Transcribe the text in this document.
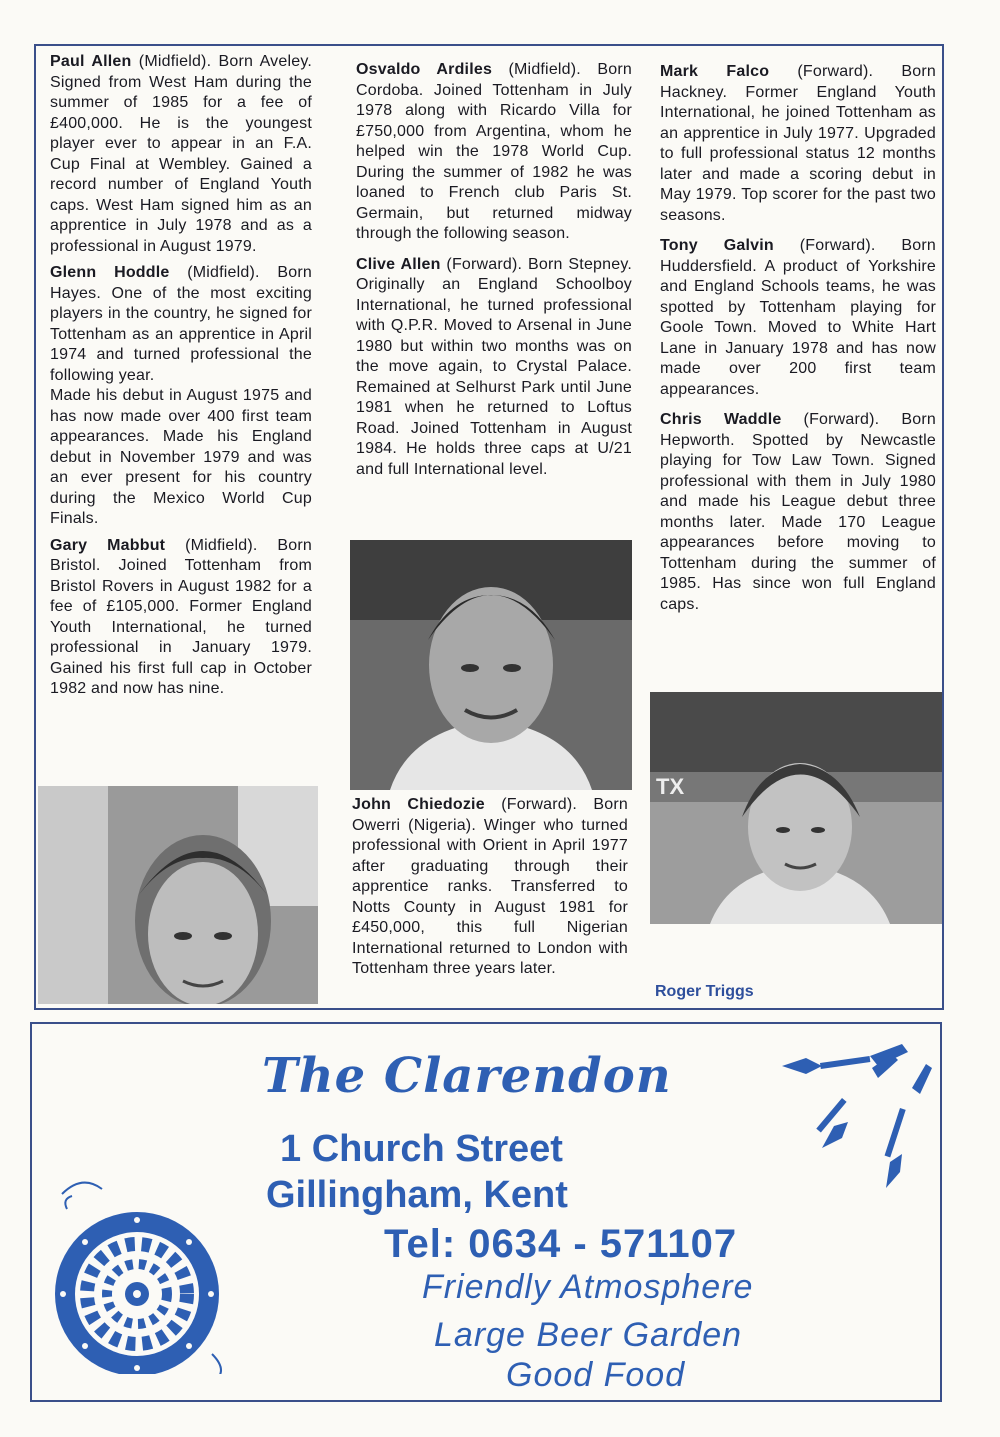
Paul Allen (Midfield). Born Aveley. Signed from West Ham during the summer of 1985 for a fee of £400,000. He is the youngest player ever to appear in an F.A. Cup Final at Wembley. Gained a record number of England Youth caps. West Ham signed him as an apprentice in July 1978 and as a professional in August 1979.

Glenn Hoddle (Midfield). Born Hayes. One of the most exciting players in the country, he signed for Tottenham as an apprentice in April 1974 and turned professional the following year.

Made his debut in August 1975 and has now made over 400 first team appearances. Made his England debut in November 1979 and was an ever present for his country during the Mexico World Cup Finals.

Gary Mabbut (Midfield). Born Bristol. Joined Tottenham from Bristol Rovers in August 1982 for a fee of £105,000. Former England Youth International, he turned professional in January 1979. Gained his first full cap in October 1982 and now has nine.

Osvaldo Ardiles (Midfield). Born Cordoba. Joined Tottenham in July 1978 along with Ricardo Villa for £750,000 from Argentina, whom he helped win the 1978 World Cup. During the summer of 1982 he was loaned to French club Paris St. Germain, but returned midway through the following season.

Clive Allen (Forward). Born Stepney. Originally an England Schoolboy International, he turned professional with Q.P.R. Moved to Arsenal in June 1980 but within two months was on the move again, to Crystal Palace. Remained at Selhurst Park until June 1981 when he returned to Loftus Road. Joined Tottenham in August 1984. He holds three caps at U/21 and full International level.

John Chiedozie (Forward). Born Owerri (Nigeria). Winger who turned professional with Orient in April 1977 after graduating through their apprentice ranks. Transferred to Notts County in August 1981 for £450,000, this full Nigerian International returned to London with Tottenham three years later.

Mark Falco (Forward). Born Hackney. Former England Youth International, he joined Tottenham as an apprentice in July 1977. Upgraded to full professional status 12 months later and made a scoring debut in May 1979. Top scorer for the past two seasons.

Tony Galvin (Forward). Born Huddersfield. A product of Yorkshire and England Schools teams, he was spotted by Tottenham playing for Goole Town. Moved to White Hart Lane in January 1978 and has now made over 200 first team appearances.

Chris Waddle (Forward). Born Hepworth. Spotted by Newcastle playing for Tow Law Town. Signed professional with them in July 1980 and made his League debut three months later. Made 170 League appearances before moving to Tottenham during the summer of 1985. Has since won full England caps.

TX
Roger Triggs
The Clarendon
1 Church Street
Gillingham, Kent
Tel: 0634 - 571107
Friendly Atmosphere
Large Beer Garden
Good Food
